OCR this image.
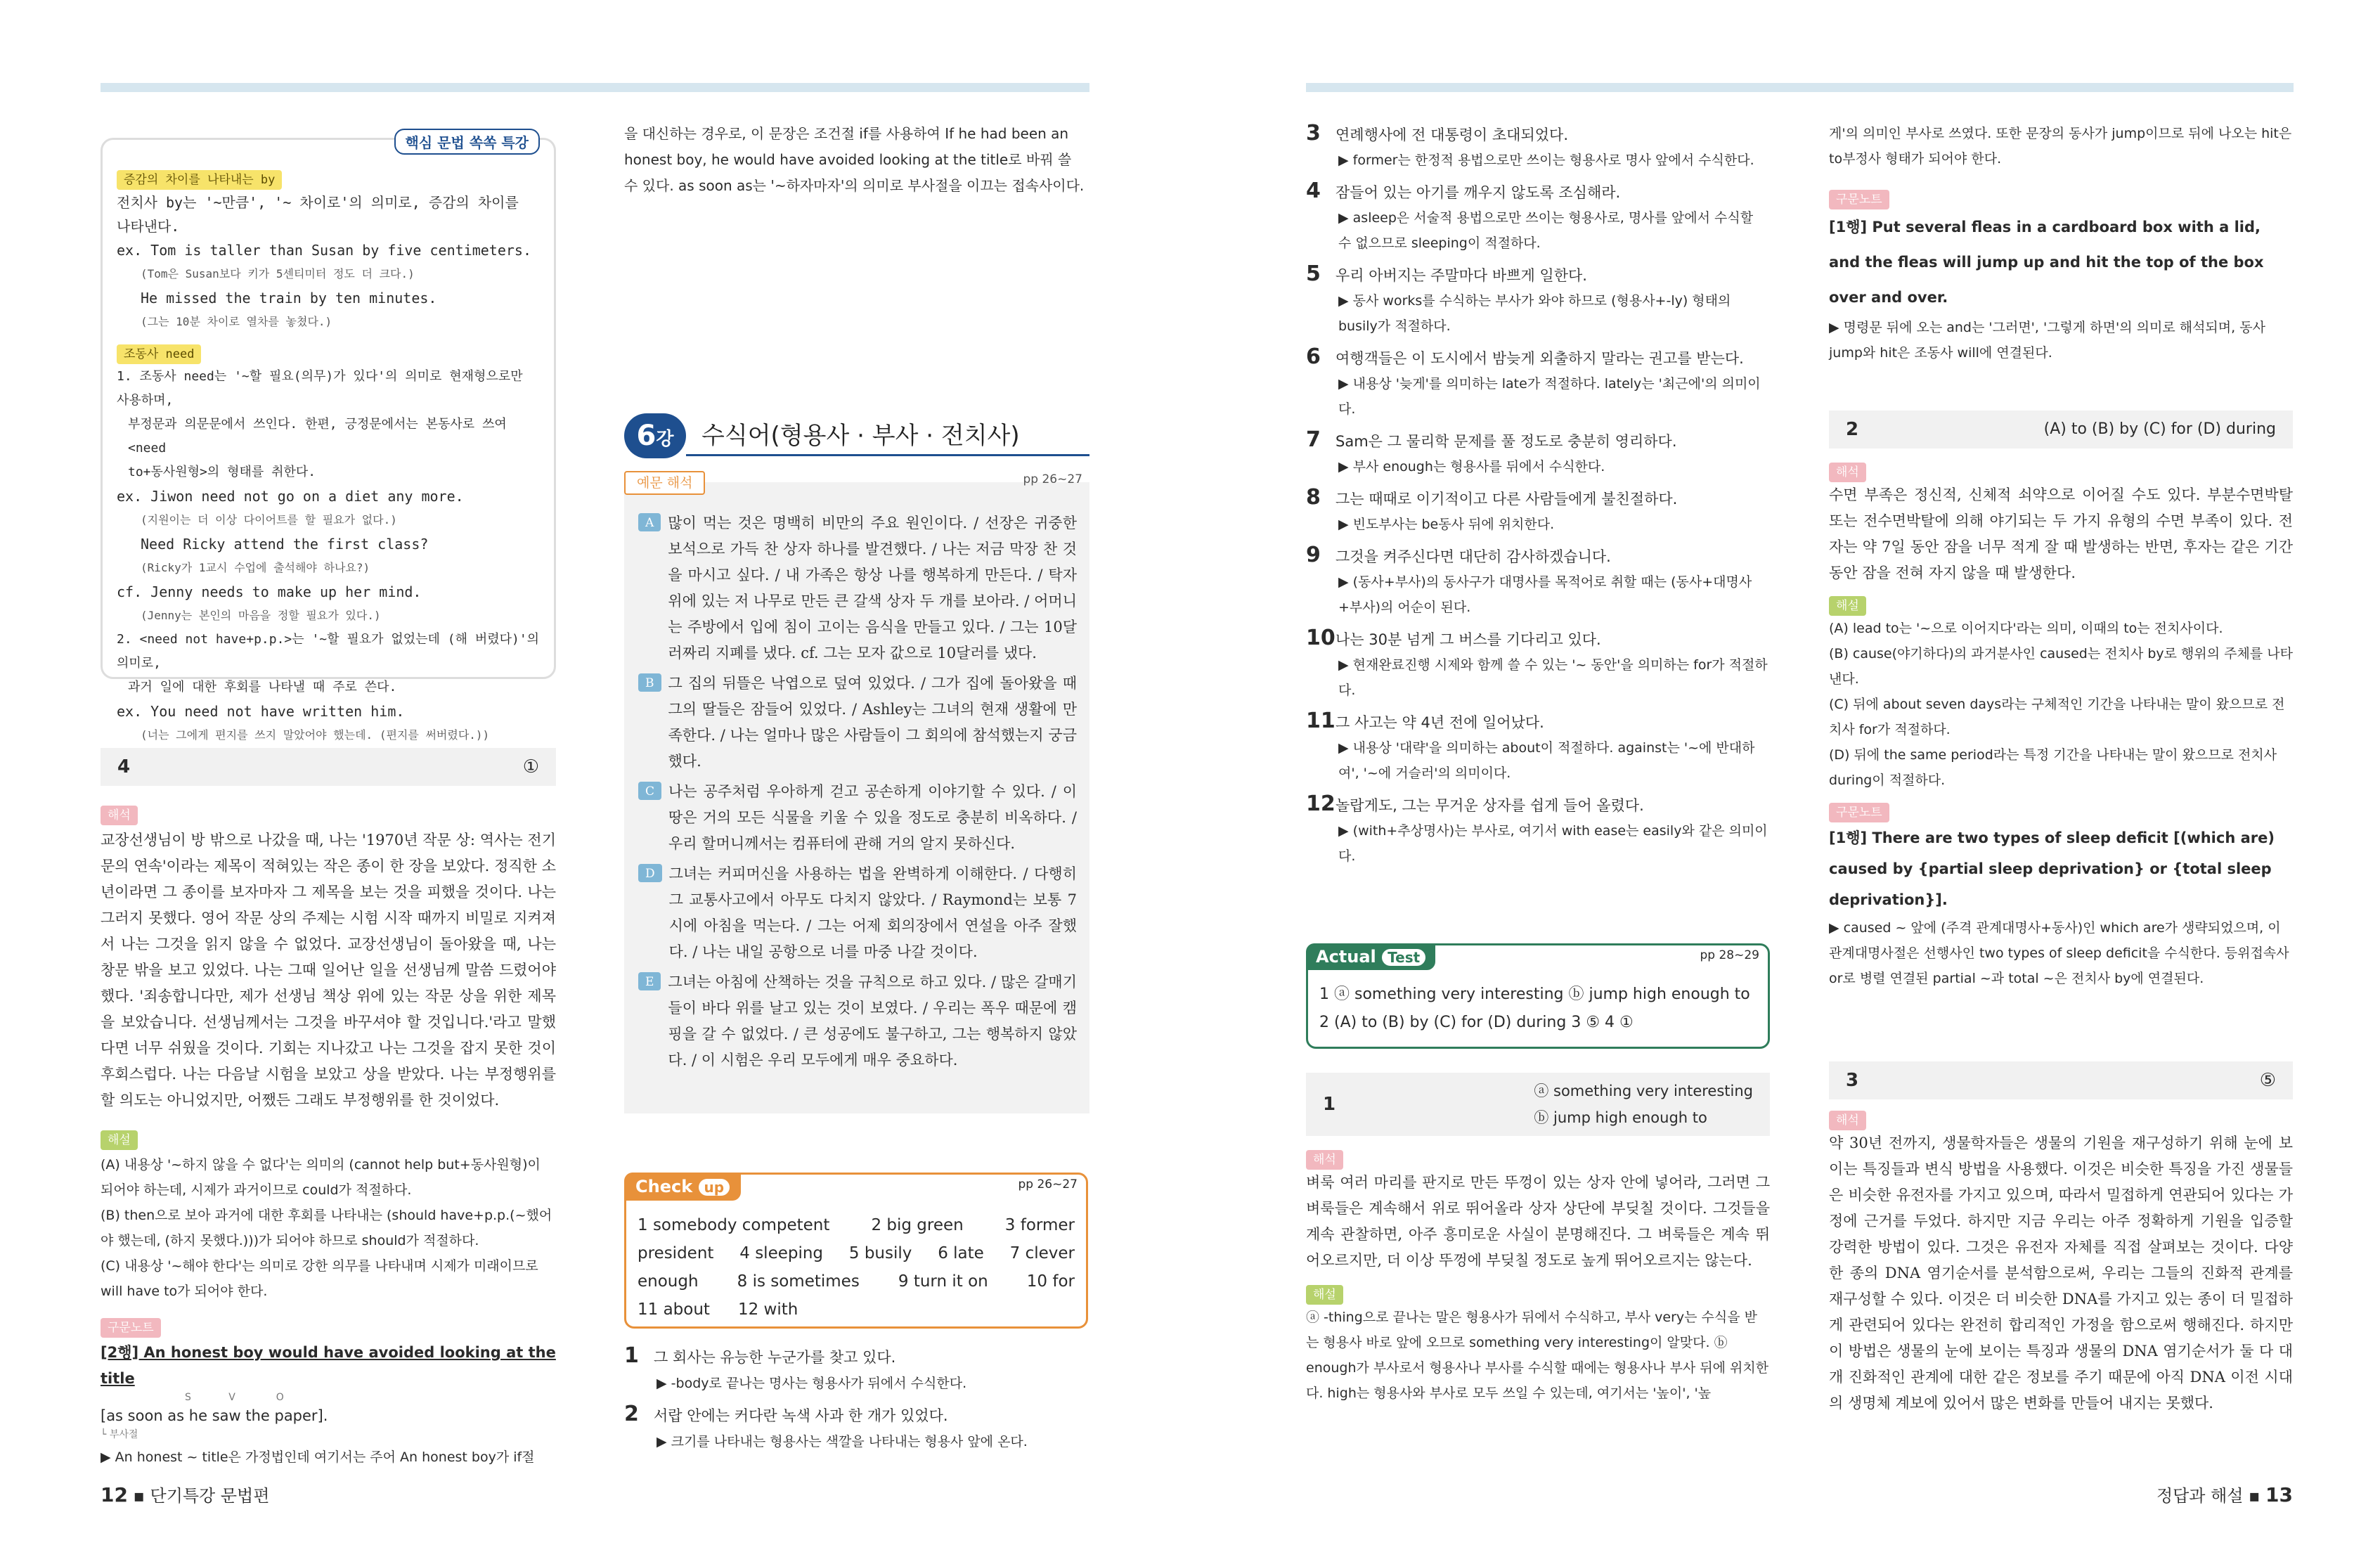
핵심 문법 쏙쏙 특강
증감의 차이를 나타내는 by
전치사 by는 '~만큼', '~ 차이로'의 의미로, 증감의 차이를 나타낸다.
ex. Tom is taller than Susan by five centimeters.
(Tom은 Susan보다 키가 5센티미터 정도 더 크다.)
He missed the train by ten minutes.
(그는 10분 차이로 열차를 놓쳤다.)
조동사 need
1. 조동사 need는 '~할 필요(의무)가 있다'의 의미로 현재형으로만 사용하며,
부정문과 의문문에서 쓰인다. 한편, 긍정문에서는 본동사로 쓰여 <need
to+동사원형>의 형태를 취한다.
ex. Jiwon need not go on a diet any more.
(지원이는 더 이상 다이어트를 할 필요가 없다.)
Need Ricky attend the first class?
(Ricky가 1교시 수업에 출석해야 하나요?)
cf. Jenny needs to make up her mind.
(Jenny는 본인의 마음을 정할 필요가 있다.)
2. <need not have+p.p.>는 '~할 필요가 없었는데 (해 버렸다)'의 의미로,
과거 일에 대한 후회를 나타낼 때 주로 쓴다.
ex. You need not have written him.
(너는 그에게 편지를 쓰지 말았어야 했는데. (편지를 써버렸다.))
4	①
해석
교장선생님이 방 밖으로 나갔을 때, 나는 '1970년 작문 상: 역사는 전기문의 연속'이라는 제목이 적혀있는 작은 종이 한 장을 보았다. 정직한 소년이라면 그 종이를 보자마자 그 제목을 보는 것을 피했을 것이다. 나는 그러지 못했다. 영어 작문 상의 주제는 시험 시작 때까지 비밀로 지켜져서 나는 그것을 읽지 않을 수 없었다. 교장선생님이 돌아왔을 때, 나는 창문 밖을 보고 있었다. 나는 그때 일어난 일을 선생님께 말씀 드렸어야 했다. '죄송합니다만, 제가 선생님 책상 위에 있는 작문 상을 위한 제목을 보았습니다. 선생님께서는 그것을 바꾸셔야 할 것입니다.'라고 말했다면 너무 쉬웠을 것이다. 기회는 지나갔고 나는 그것을 잡지 못한 것이 후회스럽다. 나는 다음날 시험을 보았고 상을 받았다. 나는 부정행위를 할 의도는 아니었지만, 어쨌든 그래도 부정행위를 한 것이었다.
해설
(A) 내용상 '~하지 않을 수 없다'는 의미의 (cannot help but+동사원형)이 되어야 하는데, 시제가 과거이므로 could가 적절하다.
(B) then으로 보아 과거에 대한 후회를 나타내는 (should have+p.p.(~했어야 했는데, (하지 못했다.)))가 되어야 하므로 should가 적절하다.
(C) 내용상 '~해야 한다'는 의미로 강한 의무를 나타내며 시제가 미래이므로 will have to가 되어야 한다.
구문노트
[2행] An honest boy would have avoided looking at the title
S            V             O
[as soon as he saw the paper].
└ 부사절
▶ An honest ~ title은 가정법인데 여기서는 주어 An honest boy가 if절
을 대신하는 경우로, 이 문장은 조건절 if를 사용하여 If he had been an honest boy, he would have avoided looking at the title로 바꿔 쓸 수 있다. as soon as는 '~하자마자'의 의미로 부사절을 이끄는 접속사이다.
6강	수식어(형용사 · 부사 · 전치사)
예문 해석	pp 26~27
A 많이 먹는 것은 명백히 비만의 주요 원인이다. / 선장은 귀중한 보석으로 가득 찬 상자 하나를 발견했다. / 나는 저금 막장 찬 것을 마시고 싶다. / 내 가족은 항상 나를 행복하게 만든다. / 탁자 위에 있는 저 나무로 만든 큰 갈색 상자 두 개를 보아라. / 어머니는 주방에서 입에 침이 고이는 음식을 만들고 있다. / 그는 10달러짜리 지폐를 냈다. cf. 그는 모자 값으로 10달러를 냈다.
B 그 집의 뒤뜰은 낙엽으로 덮여 있었다. / 그가 집에 돌아왔을 때 그의 딸들은 잠들어 있었다. / Ashley는 그녀의 현재 생활에 만족한다. / 나는 얼마나 많은 사람들이 그 회의에 참석했는지 궁금했다.
C 나는 공주처럼 우아하게 걷고 공손하게 이야기할 수 있다. / 이 땅은 거의 모든 식물을 키울 수 있을 정도로 충분히 비옥하다. / 우리 할머니께서는 컴퓨터에 관해 거의 알지 못하신다.
D 그녀는 커피머신을 사용하는 법을 완벽하게 이해한다. / 다행히 그 교통사고에서 아무도 다치지 않았다. / Raymond는 보통 7시에 아침을 먹는다. / 그는 어제 회의장에서 연설을 아주 잘했다. / 나는 내일 공항으로 너를 마중 나갈 것이다.
E 그녀는 아침에 산책하는 것을 규칙으로 하고 있다. / 많은 갈매기들이 바다 위를 날고 있는 것이 보였다. / 우리는 폭우 때문에 캠핑을 갈 수 없었다. / 큰 성공에도 불구하고, 그는 행복하지 않았다. / 이 시험은 우리 모두에게 매우 중요하다.
Check up	pp 26~27
1 somebody competent	2 big green	3 former
president 4 sleeping 5 busily 6 late 7 clever
enough 8 is sometimes 9 turn it on 10 for
11 about 12 with
1 그 회사는 유능한 누군가를 찾고 있다.
▶ -body로 끝나는 명사는 형용사가 뒤에서 수식한다.
2 서랍 안에는 커다란 녹색 사과 한 개가 있었다.
▶ 크기를 나타내는 형용사는 색깔을 나타내는 형용사 앞에 온다.
12 ▪ 단기특강 문법편
3 연례행사에 전 대통령이 초대되었다.
▶ former는 한정적 용법으로만 쓰이는 형용사로 명사 앞에서 수식한다.
4 잠들어 있는 아기를 깨우지 않도록 조심해라.
▶ asleep은 서술적 용법으로만 쓰이는 형용사로, 명사를 앞에서 수식할 수 없으므로 sleeping이 적절하다.
5 우리 아버지는 주말마다 바쁘게 일한다.
▶ 동사 works를 수식하는 부사가 와야 하므로 (형용사+-ly) 형태의 busily가 적절하다.
6 여행객들은 이 도시에서 밤늦게 외출하지 말라는 권고를 받는다.
▶ 내용상 '늦게'를 의미하는 late가 적절하다. lately는 '최근에'의 의미이다.
7 Sam은 그 물리학 문제를 풀 정도로 충분히 영리하다.
▶ 부사 enough는 형용사를 뒤에서 수식한다.
8 그는 때때로 이기적이고 다른 사람들에게 불친절하다.
▶ 빈도부사는 be동사 뒤에 위치한다.
9 그것을 켜주신다면 대단히 감사하겠습니다.
▶ (동사+부사)의 동사구가 대명사를 목적어로 취할 때는 (동사+대명사+부사)의 어순이 된다.
10나는 30분 넘게 그 버스를 기다리고 있다.
▶ 현재완료진행 시제와 함께 쓸 수 있는 '~ 동안'을 의미하는 for가 적절하다.
11그 사고는 약 4년 전에 일어났다.
▶ 내용상 '대략'을 의미하는 about이 적절하다. against는 '~에 반대하여', '~에 거슬러'의 의미이다.
12놀랍게도, 그는 무거운 상자를 쉽게 들어 올렸다.
▶ (with+추상명사)는 부사로, 여기서 with ease는 easily와 같은 의미이다.
Actual Test	pp 28~29
1 ⓐ something very interesting ⓑ jump high enough to
2 (A) to (B) by (C) for (D) during 3 ⑤ 4 ①
1
ⓐ something very interesting
ⓑ jump high enough to
해석
벼룩 여러 마리를 판지로 만든 뚜껑이 있는 상자 안에 넣어라, 그러면 그 벼룩들은 계속해서 위로 뛰어올라 상자 상단에 부딪칠 것이다. 그것들을 계속 관찰하면, 아주 흥미로운 사실이 분명해진다. 그 벼룩들은 계속 뛰어오르지만, 더 이상 뚜껑에 부딪칠 정도로 높게 뛰어오르지는 않는다.
해설
ⓐ -thing으로 끝나는 말은 형용사가 뒤에서 수식하고, 부사 very는 수식을 받는 형용사 바로 앞에 오므로 something very interesting이 알맞다. ⓑ enough가 부사로서 형용사나 부사를 수식할 때에는 형용사나 부사 뒤에 위치한다. high는 형용사와 부사로 모두 쓰일 수 있는데, 여기서는 '높이', '높
게'의 의미인 부사로 쓰였다. 또한 문장의 동사가 jump이므로 뒤에 나오는 hit은 to부정사 형태가 되어야 한다.
구문노트
[1행] Put several fleas in a cardboard box with a lid, and the fleas will jump up and hit the top of the box over and over.
▶ 명령문 뒤에 오는 and는 '그러면', '그렇게 하면'의 의미로 해석되며, 동사 jump와 hit은 조동사 will에 연결된다.
2	(A) to (B) by (C) for (D) during
해석
수면 부족은 정신적, 신체적 쇠약으로 이어질 수도 있다. 부분수면박탈 또는 전수면박탈에 의해 야기되는 두 가지 유형의 수면 부족이 있다. 전자는 약 7일 동안 잠을 너무 적게 잘 때 발생하는 반면, 후자는 같은 기간 동안 잠을 전혀 자지 않을 때 발생한다.
해설
(A) lead to는 '~으로 이어지다'라는 의미, 이때의 to는 전치사이다.
(B) cause(야기하다)의 과거분사인 caused는 전치사 by로 행위의 주체를 나타낸다.
(C) 뒤에 about seven days라는 구체적인 기간을 나타내는 말이 왔으므로 전치사 for가 적절하다.
(D) 뒤에 the same period라는 특정 기간을 나타내는 말이 왔으므로 전치사 during이 적절하다.
구문노트
[1행] There are two types of sleep deficit [(which are) caused by {partial sleep deprivation} or {total sleep deprivation}].
▶ caused ~ 앞에 (주격 관계대명사+동사)인 which are가 생략되었으며, 이 관계대명사절은 선행사인 two types of sleep deficit을 수식한다. 등위접속사 or로 병렬 연결된 partial ~과 total ~은 전치사 by에 연결된다.
3	⑤
해석
약 30년 전까지, 생물학자들은 생물의 기원을 재구성하기 위해 눈에 보이는 특징들과 변식 방법을 사용했다. 이것은 비슷한 특징을 가진 생물들은 비슷한 유전자를 가지고 있으며, 따라서 밀접하게 연관되어 있다는 가정에 근거를 두었다. 하지만 지금 우리는 아주 정확하게 기원을 입증할 강력한 방법이 있다. 그것은 유전자 자체를 직접 살펴보는 것이다. 다양한 종의 DNA 염기순서를 분석함으로써, 우리는 그들의 진화적 관계를 재구성할 수 있다. 이것은 더 비슷한 DNA를 가지고 있는 종이 더 밀접하게 관련되어 있다는 완전히 합리적인 가정을 함으로써 행해진다. 하지만 이 방법은 생물의 눈에 보이는 특징과 생물의 DNA 염기순서가 둘 다 대개 진화적인 관계에 대한 같은 정보를 주기 때문에 아직 DNA 이전 시대의 생명체 계보에 있어서 많은 변화를 만들어 내지는 못했다.
정답과 해설 ▪ 13
